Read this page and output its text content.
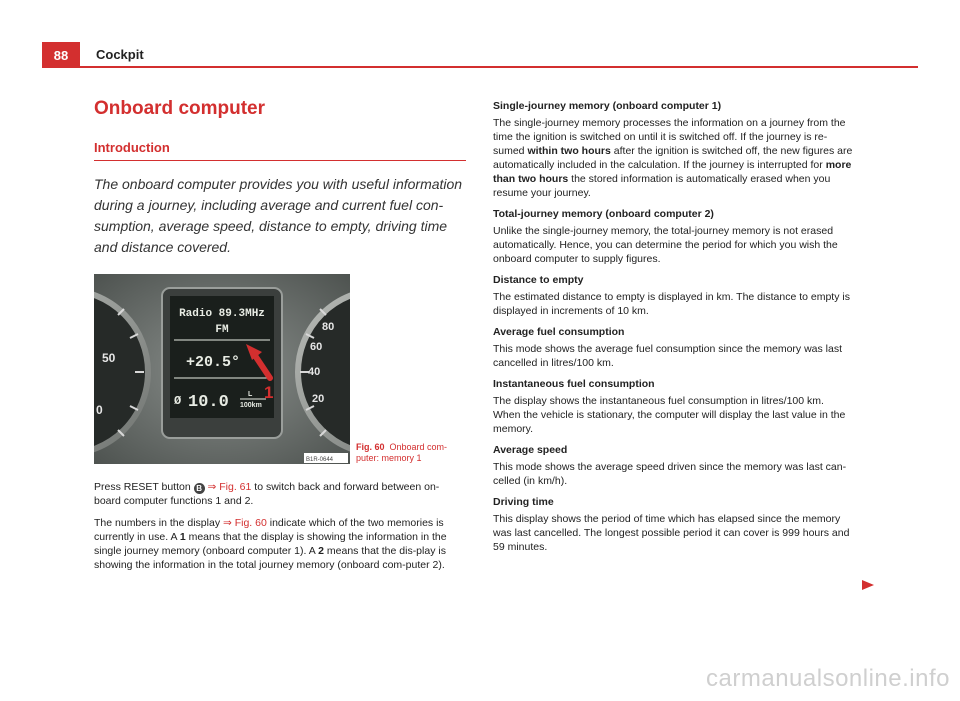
88	Cockpit
Onboard computer
Introduction

The onboard computer provides you with useful information during a journey, including average and current fuel con-sumption, average speed, distance to empty, driving time and distance covered.

50
0
80
60
40
20
Radio 89.3MHz
FM
+20.5°
Ø 10.0	L
100km
1
B1R-0644
Fig. 60 Onboard com-puter: memory 1

Press RESET button B ⇒ Fig. 61 to switch back and forward between on-board computer functions 1 and 2.

The numbers in the display ⇒ Fig. 60 indicate which of the two memories is currently in use. A 1 means that the display is showing the information in the single journey memory (onboard computer 1). A 2 means that the dis-play is showing the information in the total journey memory (onboard com-puter 2).

Single-journey memory (onboard computer 1)
The single-journey memory processes the information on a journey from the time the ignition is switched on until it is switched off. If the journey is re-sumed within two hours after the ignition is switched off, the new figures are automatically included in the calculation. If the journey is interrupted for more than two hours the stored information is automatically erased when you resume your journey.
Total-journey memory (onboard computer 2)
Unlike the single-journey memory, the total-journey memory is not erased automatically. Hence, you can determine the period for which you wish the onboard computer to supply figures.
Distance to empty
The estimated distance to empty is displayed in km. The distance to empty is displayed in increments of 10 km.
Average fuel consumption
This mode shows the average fuel consumption since the memory was last cancelled in litres/100 km.
Instantaneous fuel consumption
The display shows the instantaneous fuel consumption in litres/100 km. When the vehicle is stationary, the computer will display the last value in the memory.
Average speed
This mode shows the average speed driven since the memory was last can-celled (in km/h).
Driving time
This display shows the period of time which has elapsed since the memory was last cancelled. The longest possible period it can cover is 999 hours and 59 minutes.
carmanualsonline.info
